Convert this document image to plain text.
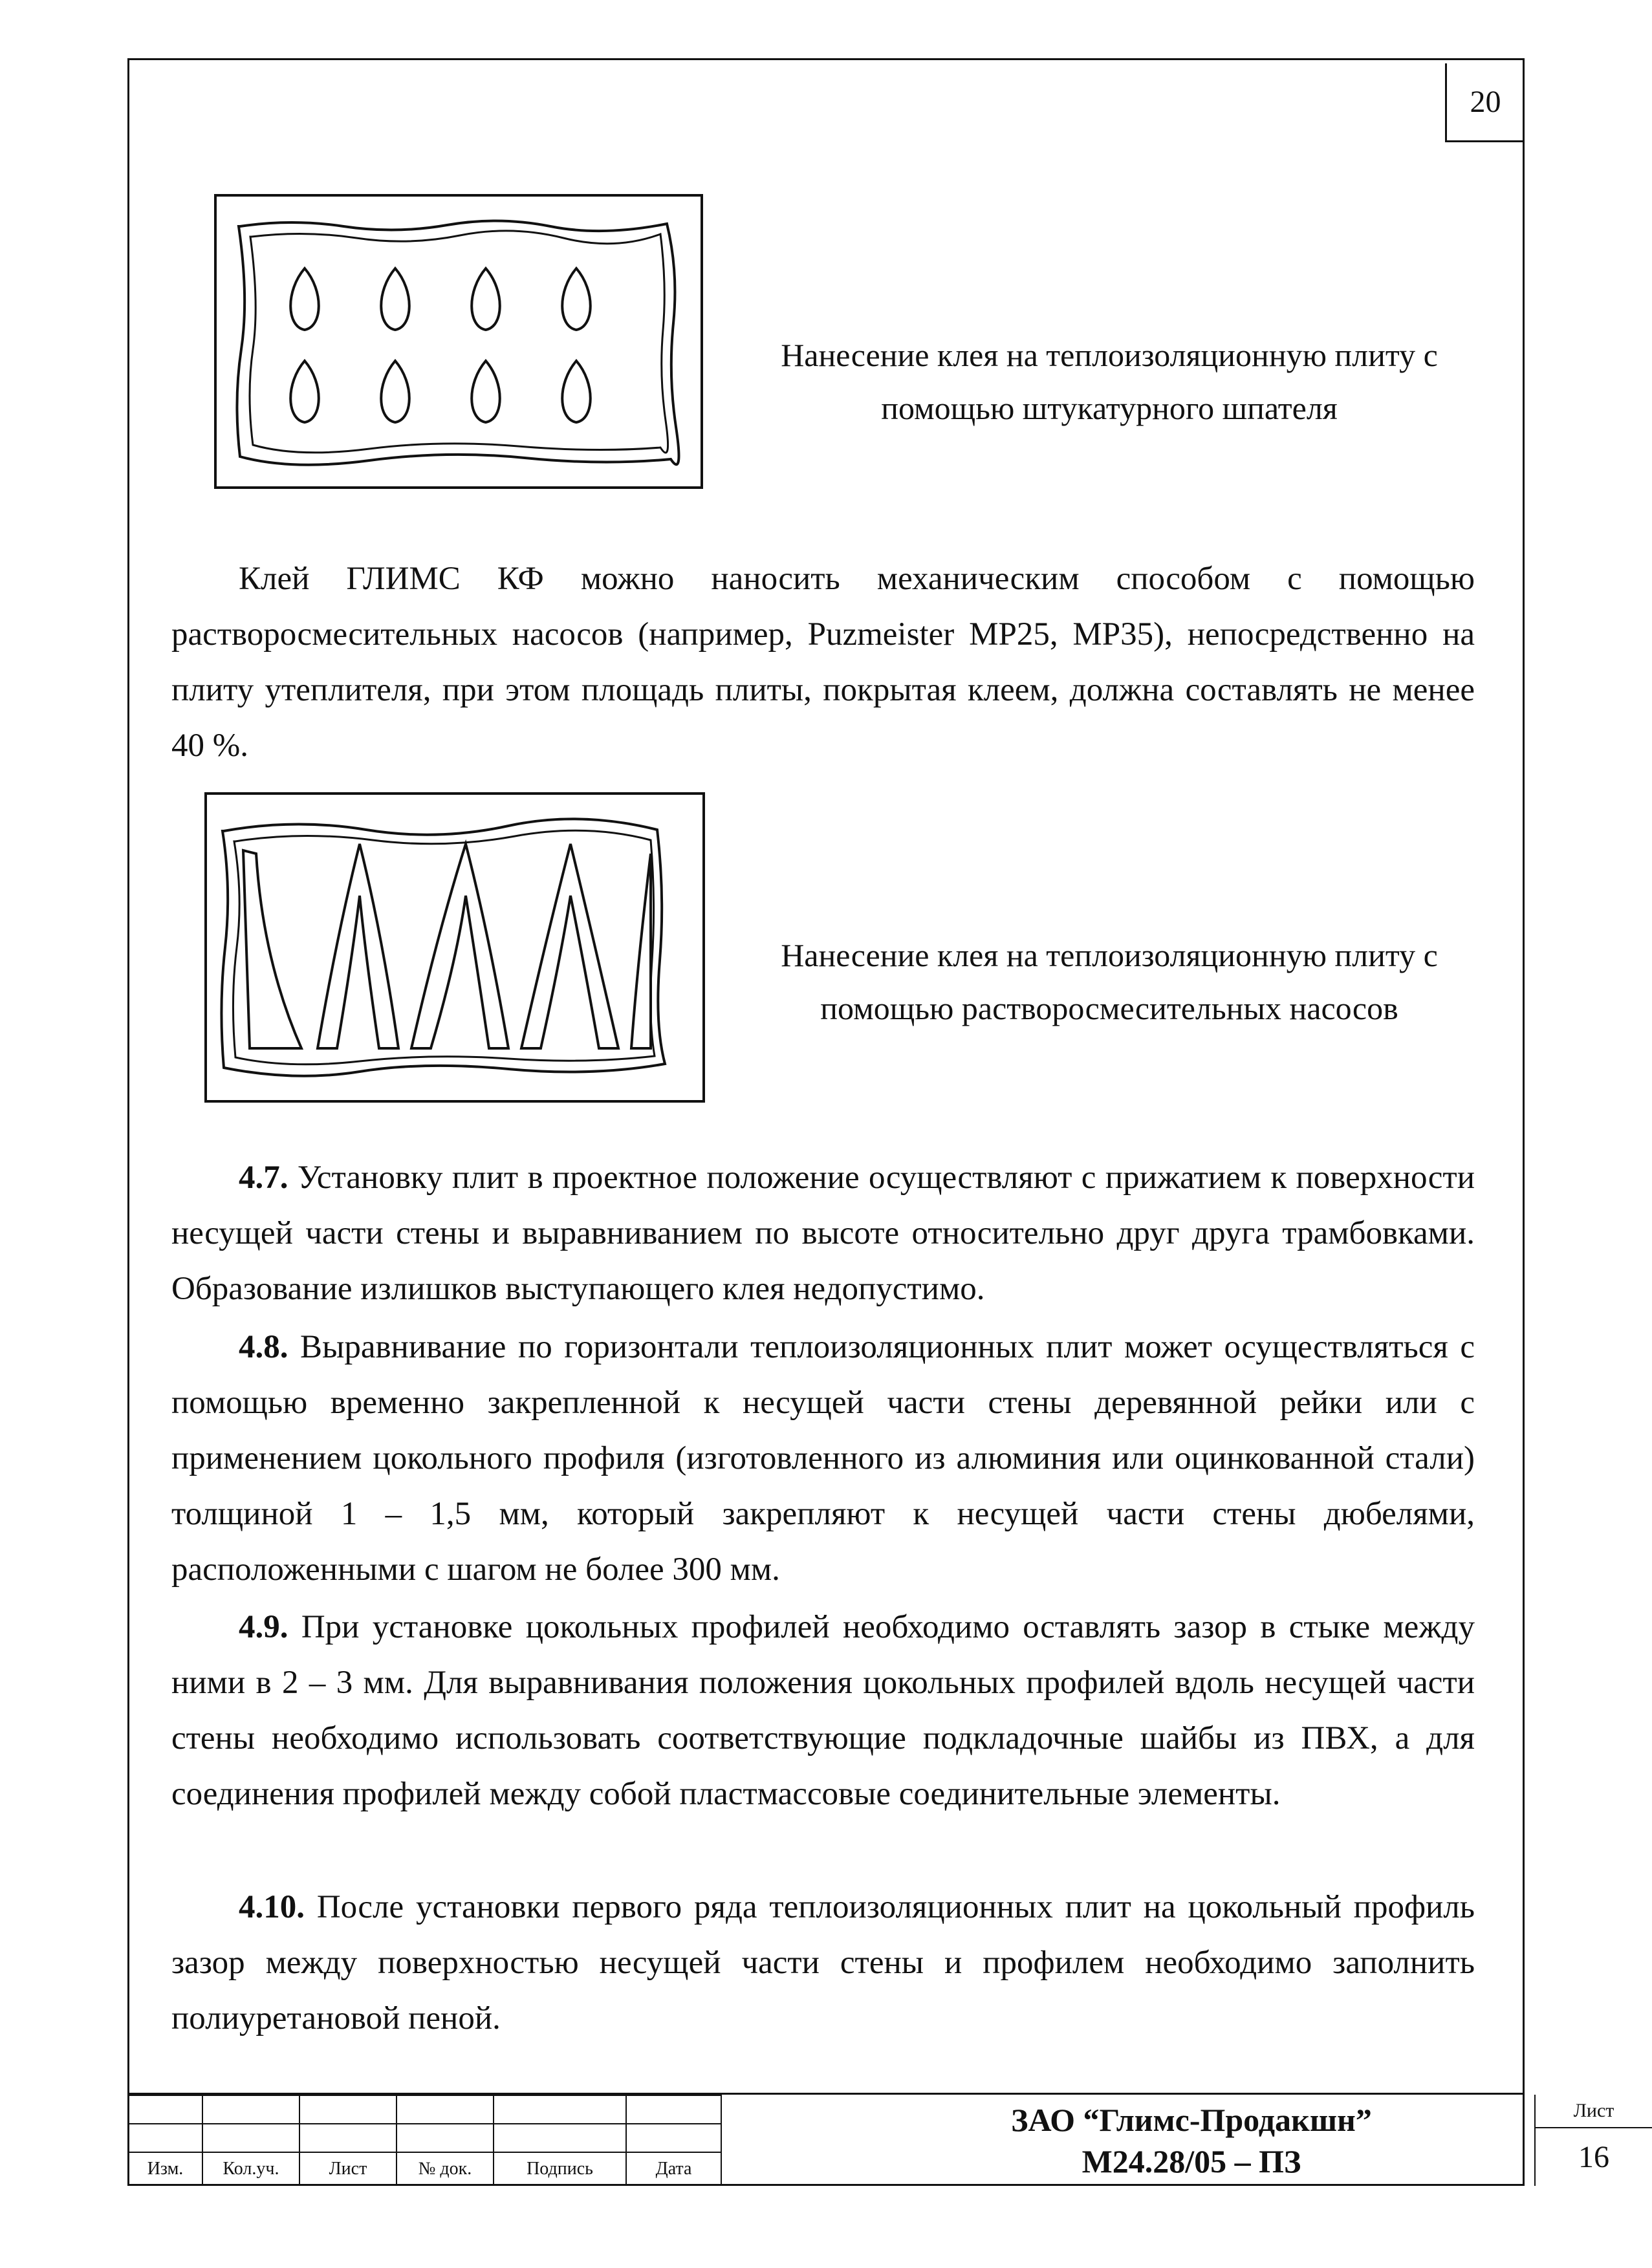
20
Нанесение клея на теплоизоляционную плиту с
помощью штукатурного шпателя

Клей ГЛИМС КФ можно наносить механическим способом с помощью растворосмесительных насосов (например, Puzmeister MP25, MP35), непосредственно на плиту утеплителя, при этом площадь плиты, покрытая клеем, должна составлять не менее 40 %.

Нанесение клея на теплоизоляционную плиту с
помощью растворосмесительных насосов

4.7. Установку плит в проектное положение осуществляют с прижатием к поверхности несущей части стены и выравниванием по высоте относительно друг друга трамбовками. Образование излишков выступающего клея недопустимо.

4.8. Выравнивание по горизонтали теплоизоляционных плит может осуществляться с помощью временно закрепленной к несущей части стены деревянной рейки или с применением цокольного профиля (изготовленного из алюминия или оцинкованной стали) толщиной 1 – 1,5 мм, который закрепляют к несущей части стены дюбелями, расположенными с шагом не более 300 мм.

4.9. При установке цокольных профилей необходимо оставлять зазор в стыке между ними в 2 – 3 мм. Для выравнивания положения цокольных профилей вдоль несущей части стены необходимо использовать соответствующие подкладочные шайбы из ПВХ, а для соединения профилей между собой пластмассовые соединительные элементы.

4.10. После установки первого ряда теплоизоляционных плит на цокольный профиль зазор между поверхностью несущей части стены и профилем необходимо заполнить полиуретановой пеной.

Изм.	Кол.уч.	Лист	№ док.	Подпись	Дата
ЗАО “Глимс-Продакшн”
М24.28/05 – ПЗ
Лист
16
